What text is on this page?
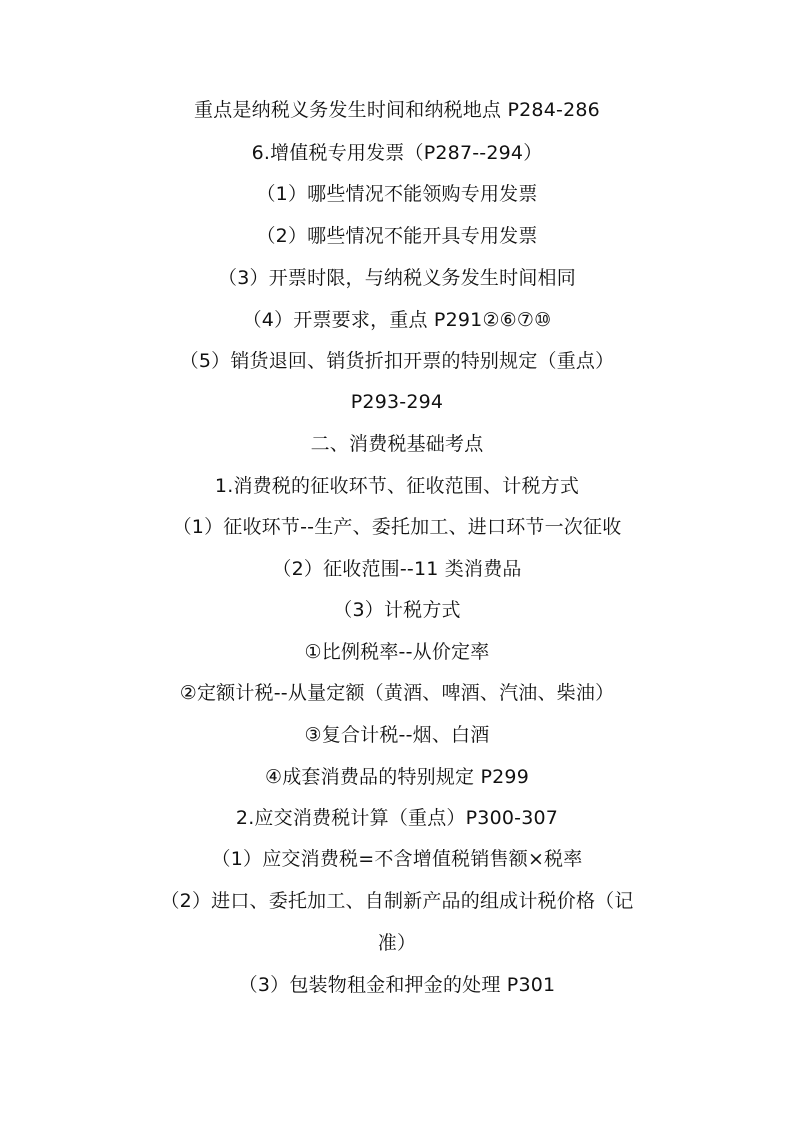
重点是纳税义务发生时间和纳税地点 P284-286
6.增值税专用发票（P287--294）
（1）哪些情况不能领购专用发票
（2）哪些情况不能开具专用发票
（3）开票时限，与纳税义务发生时间相同
（4）开票要求，重点 P291②⑥⑦⑩
（5）销货退回、销货折扣开票的特别规定（重点）
P293-294
二、消费税基础考点
1.消费税的征收环节、征收范围、计税方式
（1）征收环节--生产、委托加工、进口环节一次征收
（2）征收范围--11 类消费品
（3）计税方式
①比例税率--从价定率
②定额计税--从量定额（黄酒、啤酒、汽油、柴油）
③复合计税--烟、白酒
④成套消费品的特别规定 P299
2.应交消费税计算（重点）P300-307
（1）应交消费税=不含增值税销售额×税率
（2）进口、委托加工、自制新产品的组成计税价格（记
准）
（3）包装物租金和押金的处理 P301
